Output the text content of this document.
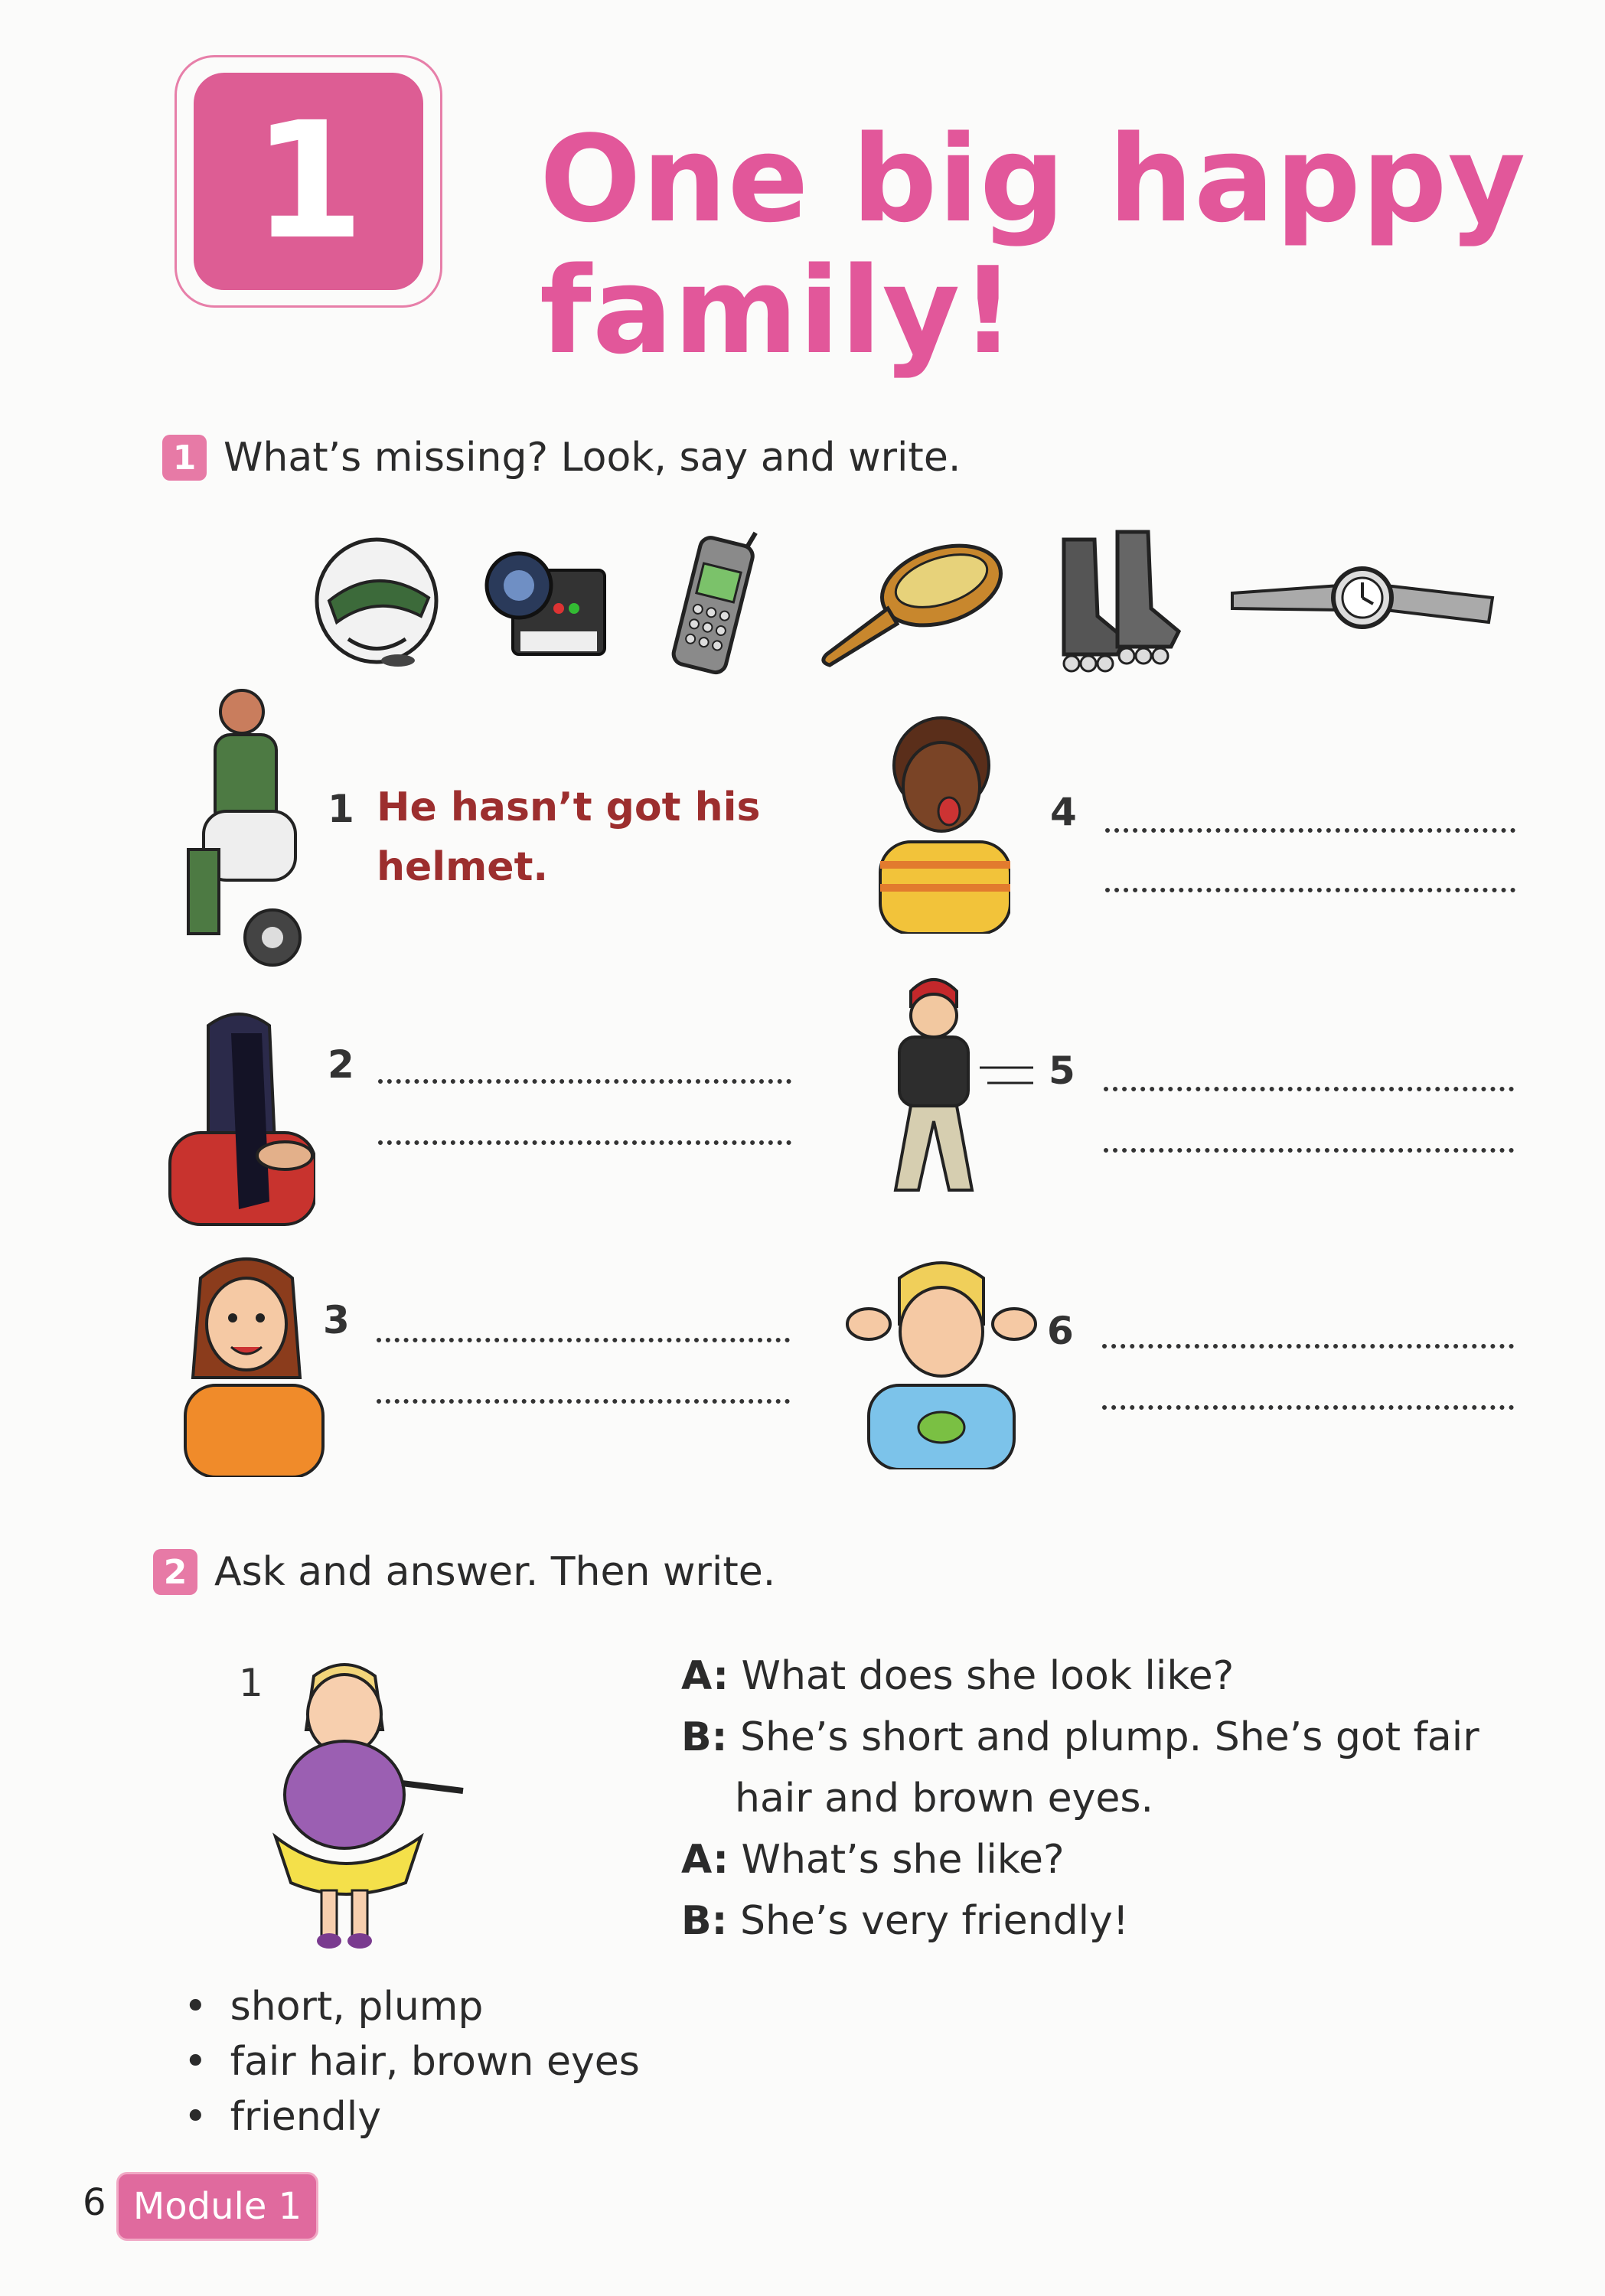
1	One big happy
family!
1 What’s missing? Look, say and write.
1 He hasn’t got his
helmet.
2
3
4
5
6
2 Ask and answer. Then write.
1	A: What does she look like?
B: She’s short and plump. She’s got fair
hair and brown eyes.
A: What’s she like?
B: She’s very friendly!
• short, plump
• fair hair, brown eyes
• friendly
6 Module 1
